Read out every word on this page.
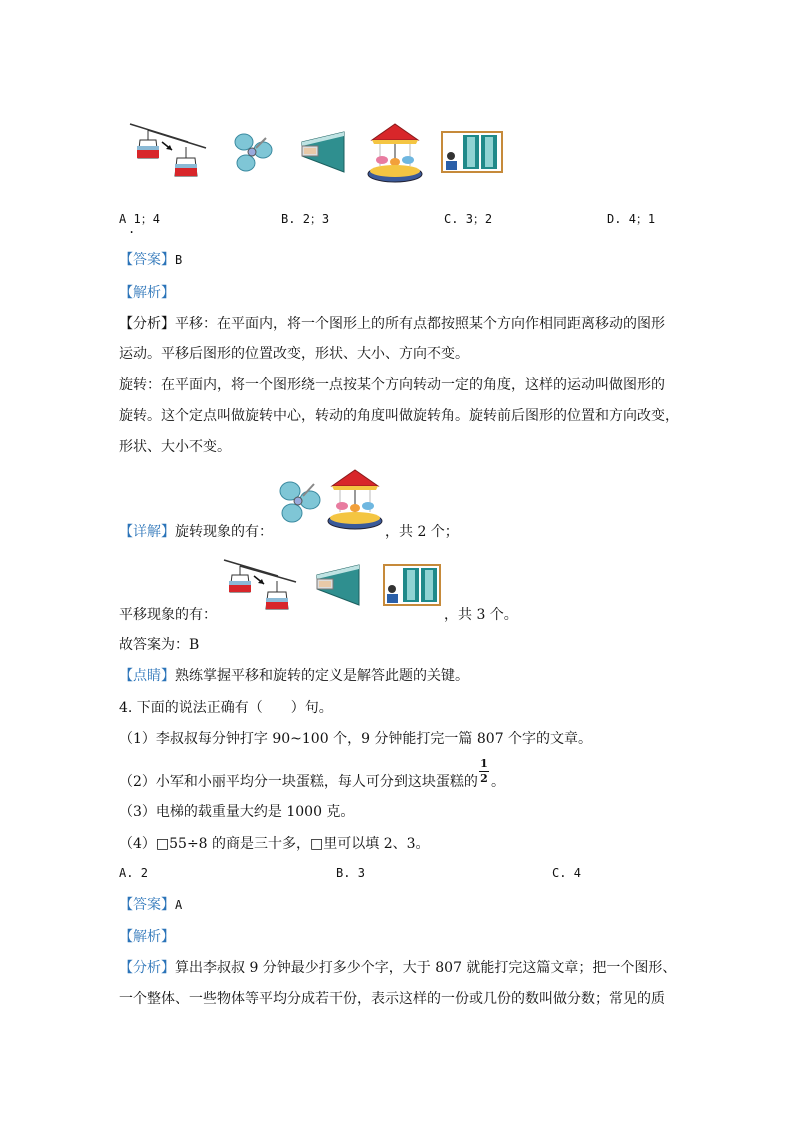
A 1；4
.
B. 2；3	C. 3；2	D. 4；1
【答案】B
【解析】
【分析】平移：在平面内，将一个图形上的所有点都按照某个方向作相同距离移动的图形
运动。平移后图形的位置改变，形状、大小、方向不变。
旋转：在平面内，将一个图形绕一点按某个方向转动一定的角度，这样的运动叫做图形的
旋转。这个定点叫做旋转中心，转动的角度叫做旋转角。旋转前后图形的位置和方向改变，
形状、大小不变。
【详解】旋转现象的有：	，共 2 个；
平移现象的有：	，共 3 个。
故答案为：B
【点睛】熟练掌握平移和旋转的定义是解答此题的关键。
4. 下面的说法正确有（　　）句。
（1）李叔叔每分钟打字 90~100 个，9 分钟能打完一篇 807 个字的文章。
（2）小军和小丽平均分一块蛋糕，每人可分到这块蛋糕的
1
2 。
（3）电梯的载重量大约是 1000 克。
（4）□55÷8 的商是三十多，□里可以填 2、3。
A. 2	B. 3	C. 4
【答案】A
【解析】
【分析】算出李叔叔 9 分钟最少打多少个字，大于 807 就能打完这篇文章；把一个图形、
一个整体、一些物体等平均分成若干份，表示这样的一份或几份的数叫做分数；常见的质
